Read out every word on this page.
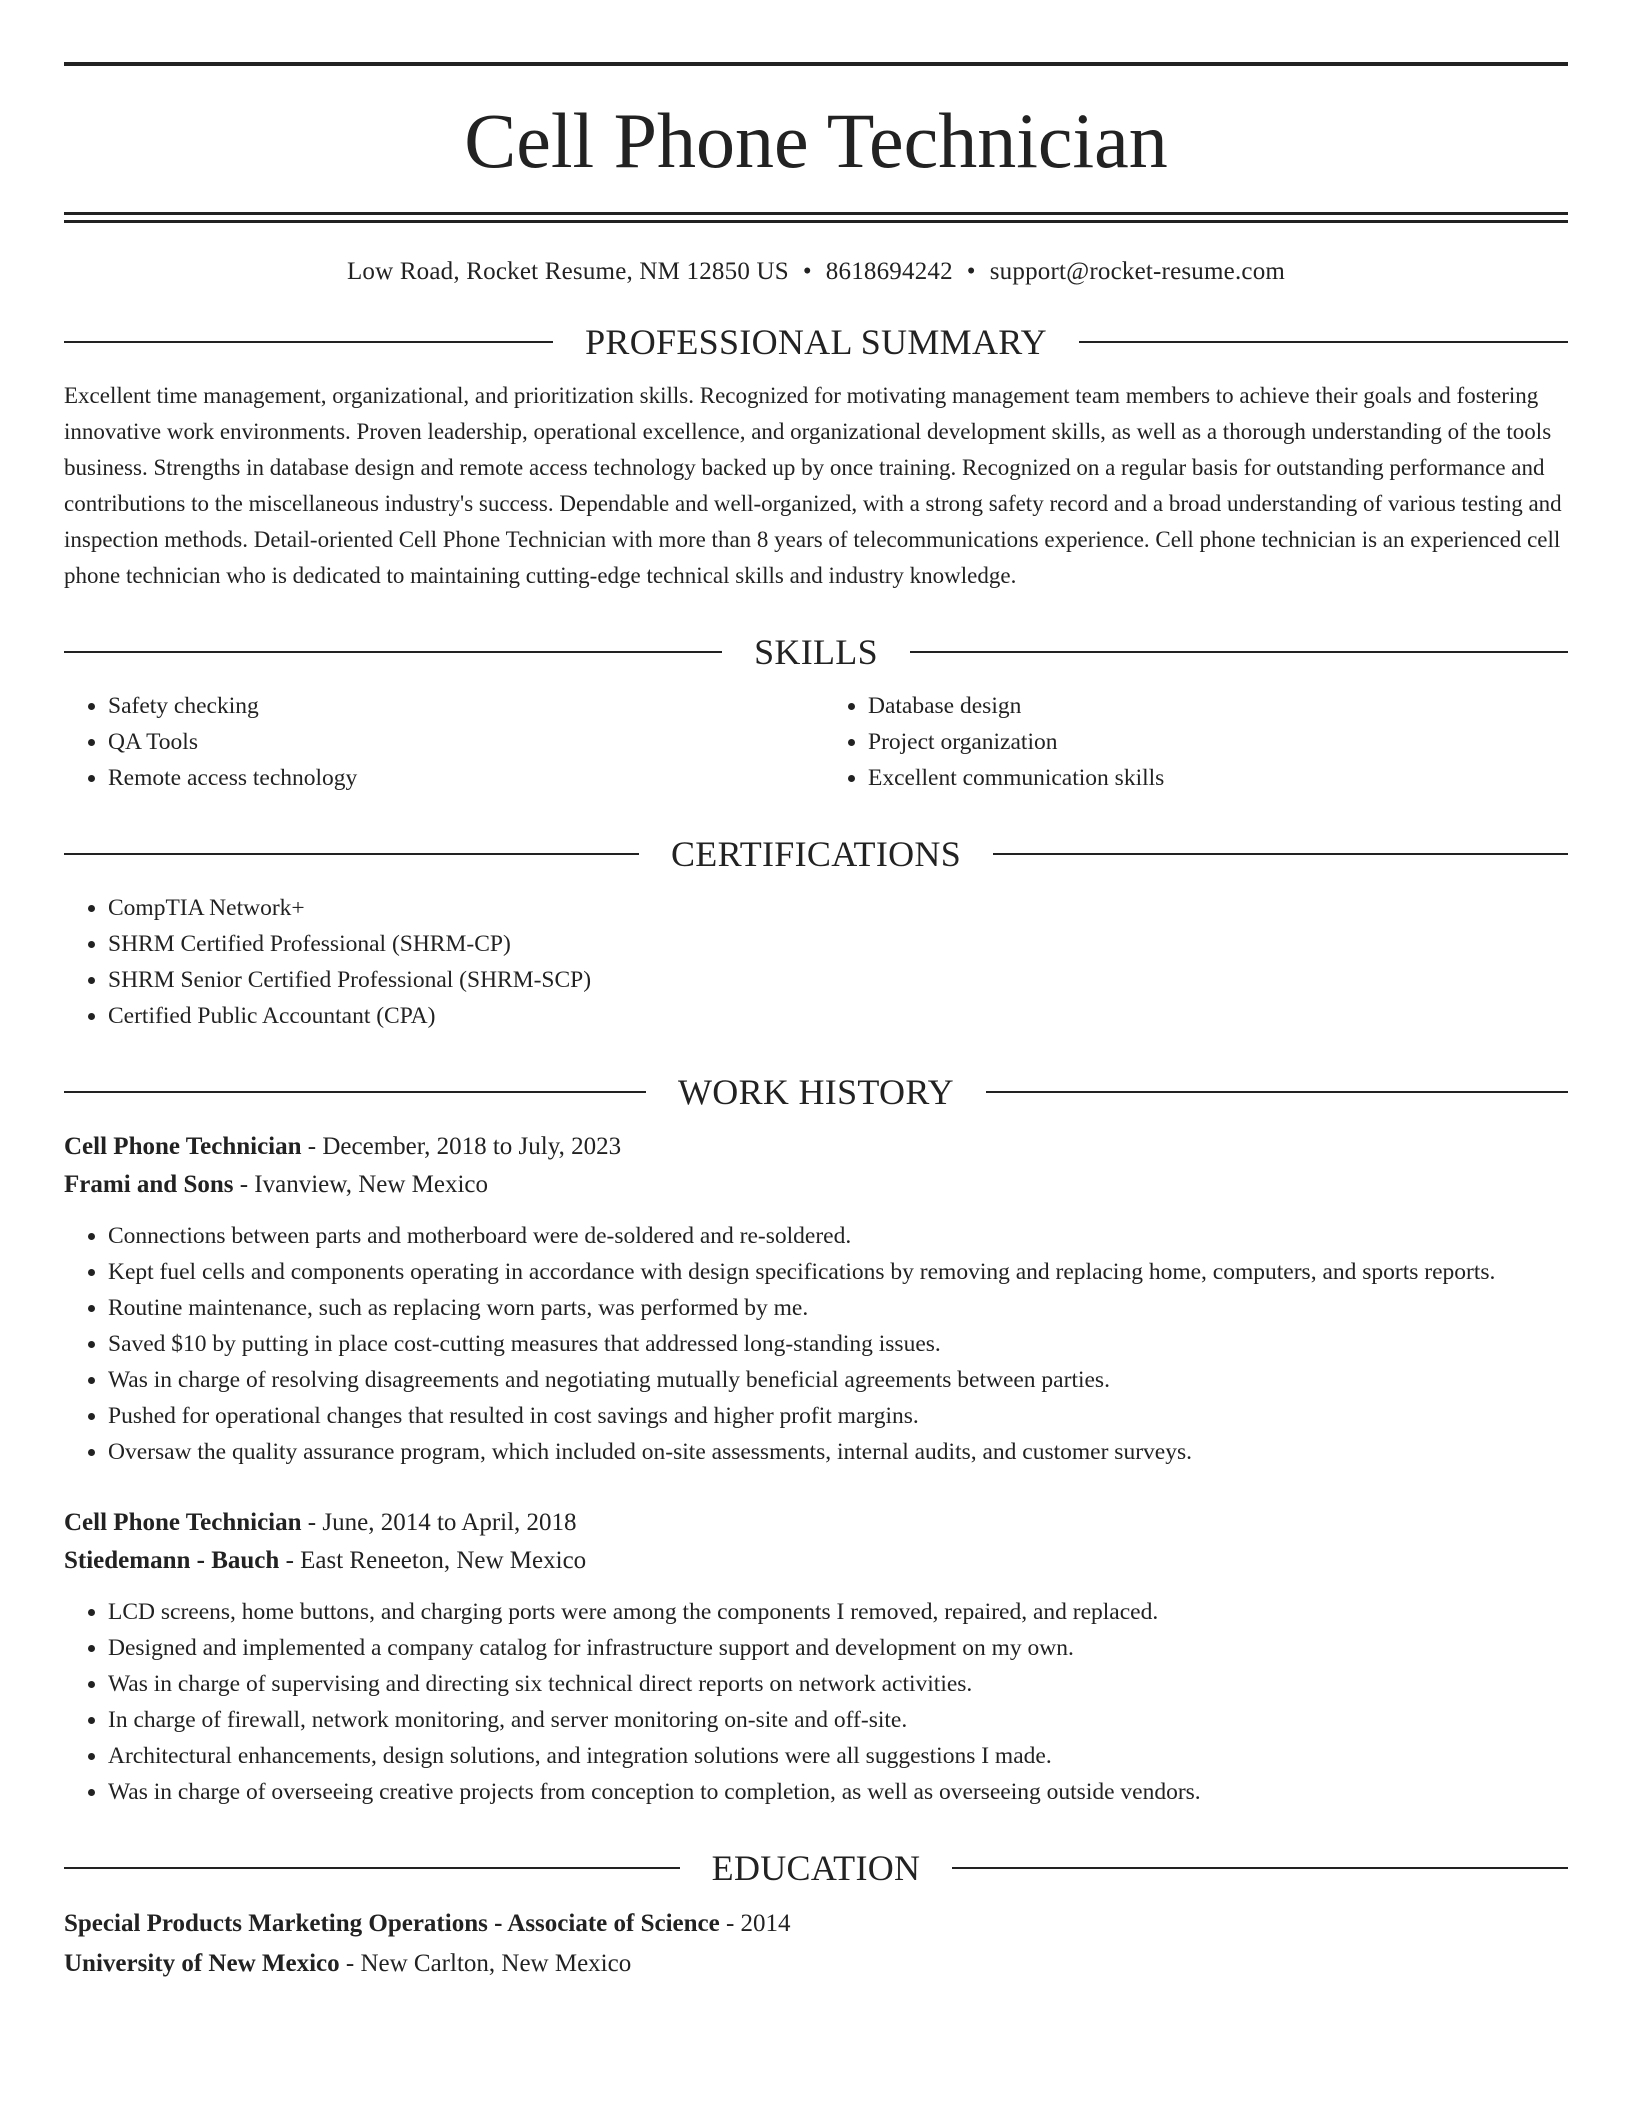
Cell Phone Technician
Low Road, Rocket Resume, NM 12850 US • 8618694242 • support@rocket-resume.com
PROFESSIONAL SUMMARY

Excellent time management, organizational, and prioritization skills. Recognized for motivating management team members to achieve their goals and fostering innovative work environments. Proven leadership, operational excellence, and organizational development skills, as well as a thorough understanding of the tools business. Strengths in database design and remote access technology backed up by once training. Recognized on a regular basis for outstanding performance and contributions to the miscellaneous industry's success. Dependable and well-organized, with a strong safety record and a broad understanding of various testing and inspection methods. Detail-oriented Cell Phone Technician with more than 8 years of telecommunications experience. Cell phone technician is an experienced cell phone technician who is dedicated to maintaining cutting-edge technical skills and industry knowledge.

SKILLS
• Safety checking
• QA Tools
• Remote access technology
• Database design
• Project organization
• Excellent communication skills
CERTIFICATIONS
• CompTIA Network+
• SHRM Certified Professional (SHRM-CP)
• SHRM Senior Certified Professional (SHRM-SCP)
• Certified Public Accountant (CPA)
WORK HISTORY
Cell Phone Technician - December, 2018 to July, 2023
Frami and Sons - Ivanview, New Mexico
• Connections between parts and motherboard were de-soldered and re-soldered.
• Kept fuel cells and components operating in accordance with design specifications by removing and replacing home, computers, and sports reports.
• Routine maintenance, such as replacing worn parts, was performed by me.
• Saved $10 by putting in place cost-cutting measures that addressed long-standing issues.
• Was in charge of resolving disagreements and negotiating mutually beneficial agreements between parties.
• Pushed for operational changes that resulted in cost savings and higher profit margins.
• Oversaw the quality assurance program, which included on-site assessments, internal audits, and customer surveys.
Cell Phone Technician - June, 2014 to April, 2018
Stiedemann - Bauch - East Reneeton, New Mexico
• LCD screens, home buttons, and charging ports were among the components I removed, repaired, and replaced.
• Designed and implemented a company catalog for infrastructure support and development on my own.
• Was in charge of supervising and directing six technical direct reports on network activities.
• In charge of firewall, network monitoring, and server monitoring on-site and off-site.
• Architectural enhancements, design solutions, and integration solutions were all suggestions I made.
• Was in charge of overseeing creative projects from conception to completion, as well as overseeing outside vendors.
EDUCATION
Special Products Marketing Operations - Associate of Science - 2014
University of New Mexico - New Carlton, New Mexico
